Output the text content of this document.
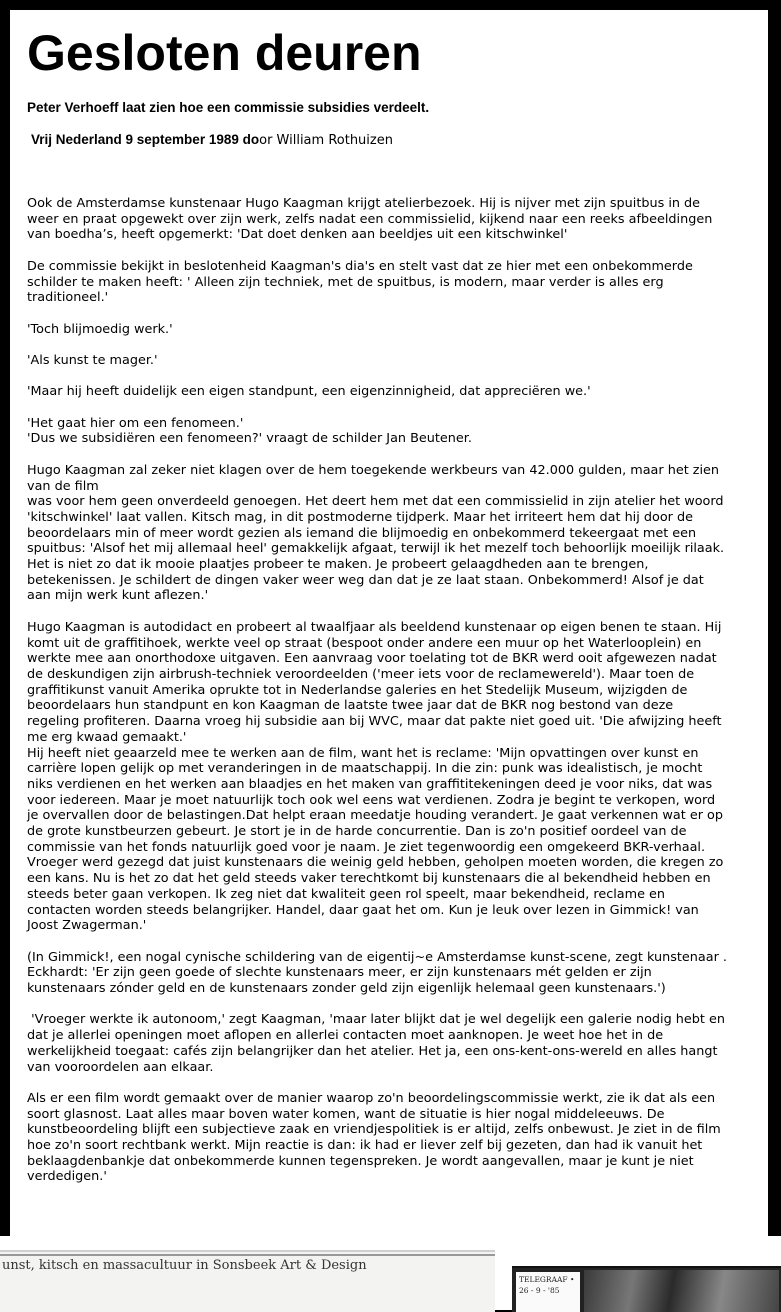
Gesloten deuren

Peter Verhoeff laat zien hoe een commissie subsidies verdeelt.

Vrij Nederland 9 september 1989 door William Rothuizen

Ook de Amsterdamse kunstenaar Hugo Kaagman krijgt atelierbezoek. Hij is nijver met zijn spuitbus in de weer en praat opgewekt over zijn werk, zelfs nadat een commissielid, kijkend naar een reeks afbeeldingen van boedha’s, heeft opgemerkt: 'Dat doet denken aan beeldjes uit een kitschwinkel'

De commissie bekijkt in beslotenheid Kaagman's dia's en stelt vast dat ze hier met een onbekommerde schilder te maken heeft: ' Alleen zijn techniek, met de spuitbus, is modern, maar verder is alles erg traditioneel.'

'Toch blijmoedig werk.'

'Als kunst te mager.'

'Maar hij heeft duidelijk een eigen standpunt, een eigenzinnigheid, dat appreciëren we.'

'Het gaat hier om een fenomeen.'
'Dus we subsidiëren een fenomeen?' vraagt de schilder Jan Beutener.

Hugo Kaagman zal zeker niet klagen over de hem toegekende werkbeurs van 42.000 gulden, maar het zien van de film
was voor hem geen onverdeeld genoegen. Het deert hem met dat een commissielid in zijn atelier het woord 'kitschwinkel' laat vallen. Kitsch mag, in dit postmoderne tijdperk. Maar het irriteert hem dat hij door de beoordelaars min of meer wordt gezien als iemand die blijmoedig en onbekommerd tekeergaat met een spuitbus: 'Alsof het mij allemaal heel' gemakkelijk afgaat, terwijl ik het mezelf toch behoorlijk moeilijk rilaak. Het is niet zo dat ik mooie plaatjes probeer te maken. Je probeert gelaagdheden aan te brengen, betekenissen. Je schildert de dingen vaker weer weg dan dat je ze laat staan. Onbekommerd! Alsof je dat aan mijn werk kunt aflezen.'

Hugo Kaagman is autodidact en probeert al twaalfjaar als beeldend kunstenaar op eigen benen te staan. Hij komt uit de graffitihoek, werkte veel op straat (bespoot onder andere een muur op het Waterlooplein) en werkte mee aan onorthodoxe uitgaven. Een aanvraag voor toelating tot de BKR werd ooit afgewezen nadat de deskundigen zijn airbrush-techniek veroordeelden ('meer iets voor de reclamewereld'). Maar toen de graffitikunst vanuit Amerika oprukte tot in Nederlandse galeries en het Stedelijk Museum, wijzigden de beoordelaars hun standpunt en kon Kaagman de laatste twee jaar dat de BKR nog bestond van deze regeling profiteren. Daarna vroeg hij subsidie aan bij WVC, maar dat pakte niet goed uit. 'Die afwijzing heeft me erg kwaad gemaakt.'
Hij heeft niet geaarzeld mee te werken aan de film, want het is reclame: 'Mijn opvattingen over kunst en carrière lopen gelijk op met veranderingen in de maatschappij. In die zin: punk was idealistisch, je mocht niks verdienen en het werken aan blaadjes en het maken van graffititekeningen deed je voor niks, dat was voor iedereen. Maar je moet natuurlijk toch ook wel eens wat verdienen. Zodra je begint te verkopen, word je overvallen door de belastingen.Dat helpt eraan meedatje houding verandert. Je gaat verkennen wat er op de grote kunstbeurzen gebeurt. Je stort je in de harde concurrentie. Dan is zo'n positief oordeel van de commissie van het fonds natuurlijk goed voor je naam. Je ziet tegenwoordig een omgekeerd BKR-verhaal. Vroeger werd gezegd dat juist kunstenaars die weinig geld hebben, geholpen moeten worden, die kregen zo een kans. Nu is het zo dat het geld steeds vaker terechtkomt bij kunstenaars die al bekendheid hebben en steeds beter gaan verkopen. Ik zeg niet dat kwaliteit geen rol speelt, maar bekendheid, reclame en contacten worden steeds belangrijker. Handel, daar gaat het om. Kun je leuk over lezen in Gimmick! van Joost Zwagerman.'

(In Gimmick!, een nogal cynische schildering van de eigentij~e Amsterdamse kunst-scene, zegt kunstenaar . Eckhardt: 'Er zijn geen goede of slechte kunstenaars meer, er zijn kunstenaars mét gelden er zijn kunstenaars zónder geld en de kunstenaars zonder geld zijn eigenlijk helemaal geen kunstenaars.')

'Vroeger werkte ik autonoom,' zegt Kaagman, 'maar later blijkt dat je wel degelijk een galerie nodig hebt en dat je allerlei openingen moet aflopen en allerlei contacten moet aanknopen. Je weet hoe het in de werkelijkheid toegaat: cafés zijn belangrijker dan het atelier. Het ja, een ons-kent-ons-wereld en alles hangt van vooroordelen aan elkaar.

Als er een film wordt gemaakt over de manier waarop zo'n beoordelingscommissie werkt, zie ik dat als een soort glasnost. Laat alles maar boven water komen, want de situatie is hier nogal middeleeuws. De kunstbeoordeling blijft een subjectieve zaak en vriendjespolitiek is er altijd, zelfs onbewust. Je ziet in de film hoe zo'n soort rechtbank werkt. Mijn reactie is dan: ik had er liever zelf bij gezeten, dan had ik vanuit het beklaagdenbankje dat onbekommerde kunnen tegenspreken. Je wordt aangevallen, maar je kunt je niet verdedigen.'

unst, kitsch en massacultuur in Sonsbeek Art & Design
TELEGRAAF • 26 - 9 - '85
